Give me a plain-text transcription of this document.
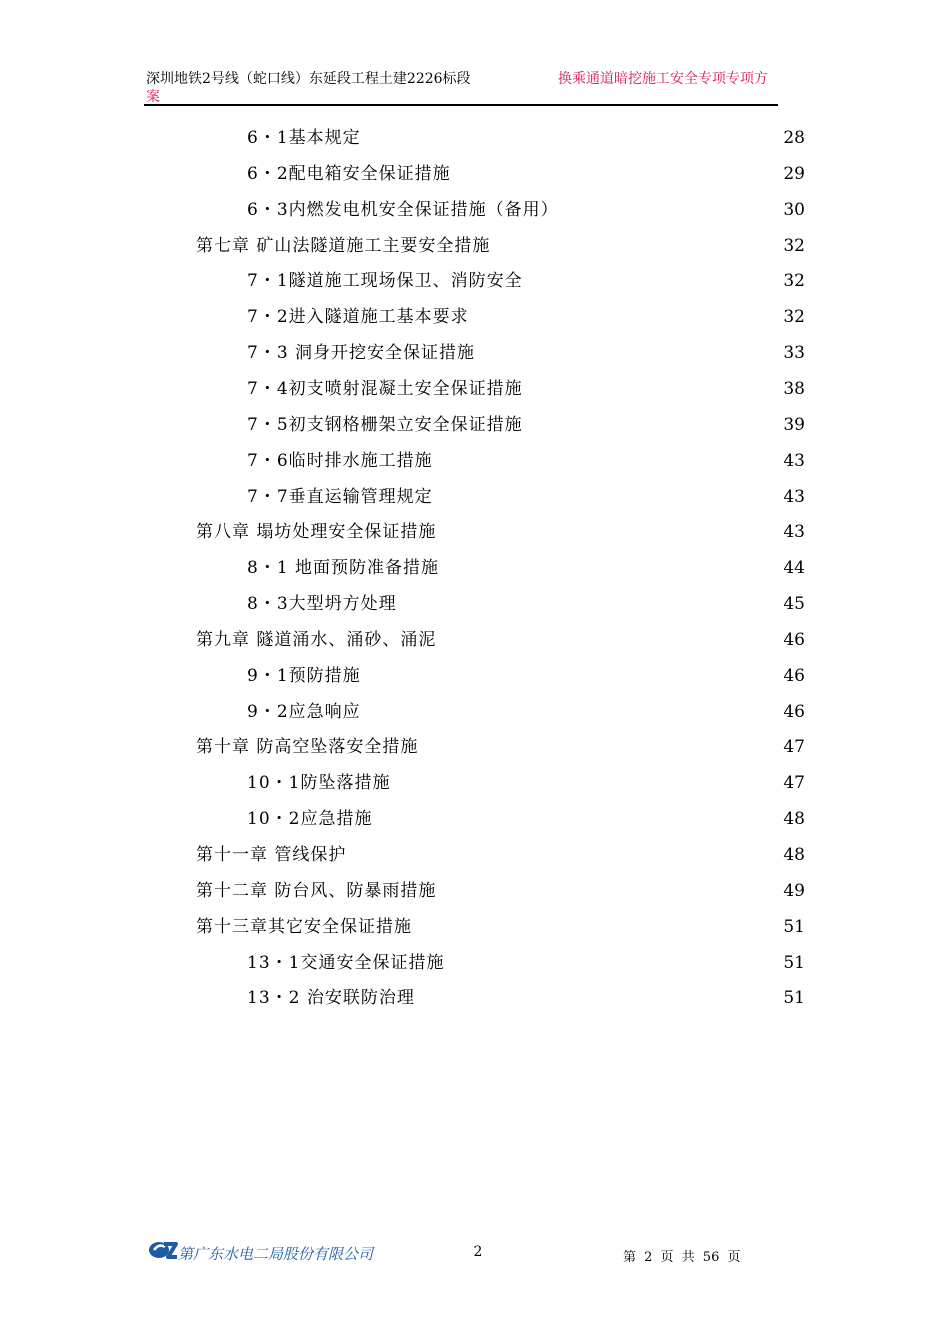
深圳地铁2号线（蛇口线）东延段工程土建2226标段
案
换乘通道暗挖施工安全专项专项方
6・1基本规定	28
6・2配电箱安全保证措施	29
6・3内燃发电机安全保证措施（备用）	30
第七章 矿山法隧道施工主要安全措施	32
7・1隧道施工现场保卫、消防安全	32
7・2进入隧道施工基本要求	32
7・3 洞身开挖安全保证措施	33
7・4初支喷射混凝土安全保证措施	38
7・5初支钢格栅架立安全保证措施	39
7・6临时排水施工措施	43
7・7垂直运输管理规定	43
第八章 塌坊处理安全保证措施	43
8・1 地面预防准备措施	44
8・3大型坍方处理	45
第九章 隧道涌水、涌砂、涌泥	46
9・1预防措施	46
9・2应急响应	46
第十章 防高空坠落安全措施	47
10・1防坠落措施	47
10・2应急措施	48
第十一章 管线保护	48
第十二章 防台风、防暴雨措施	49
第十三章其它安全保证措施	51
13・1交通安全保证措施	51
13・2 治安联防治理	51
第广东水电二局股份有限公司	2	第 2 页 共 56 页
